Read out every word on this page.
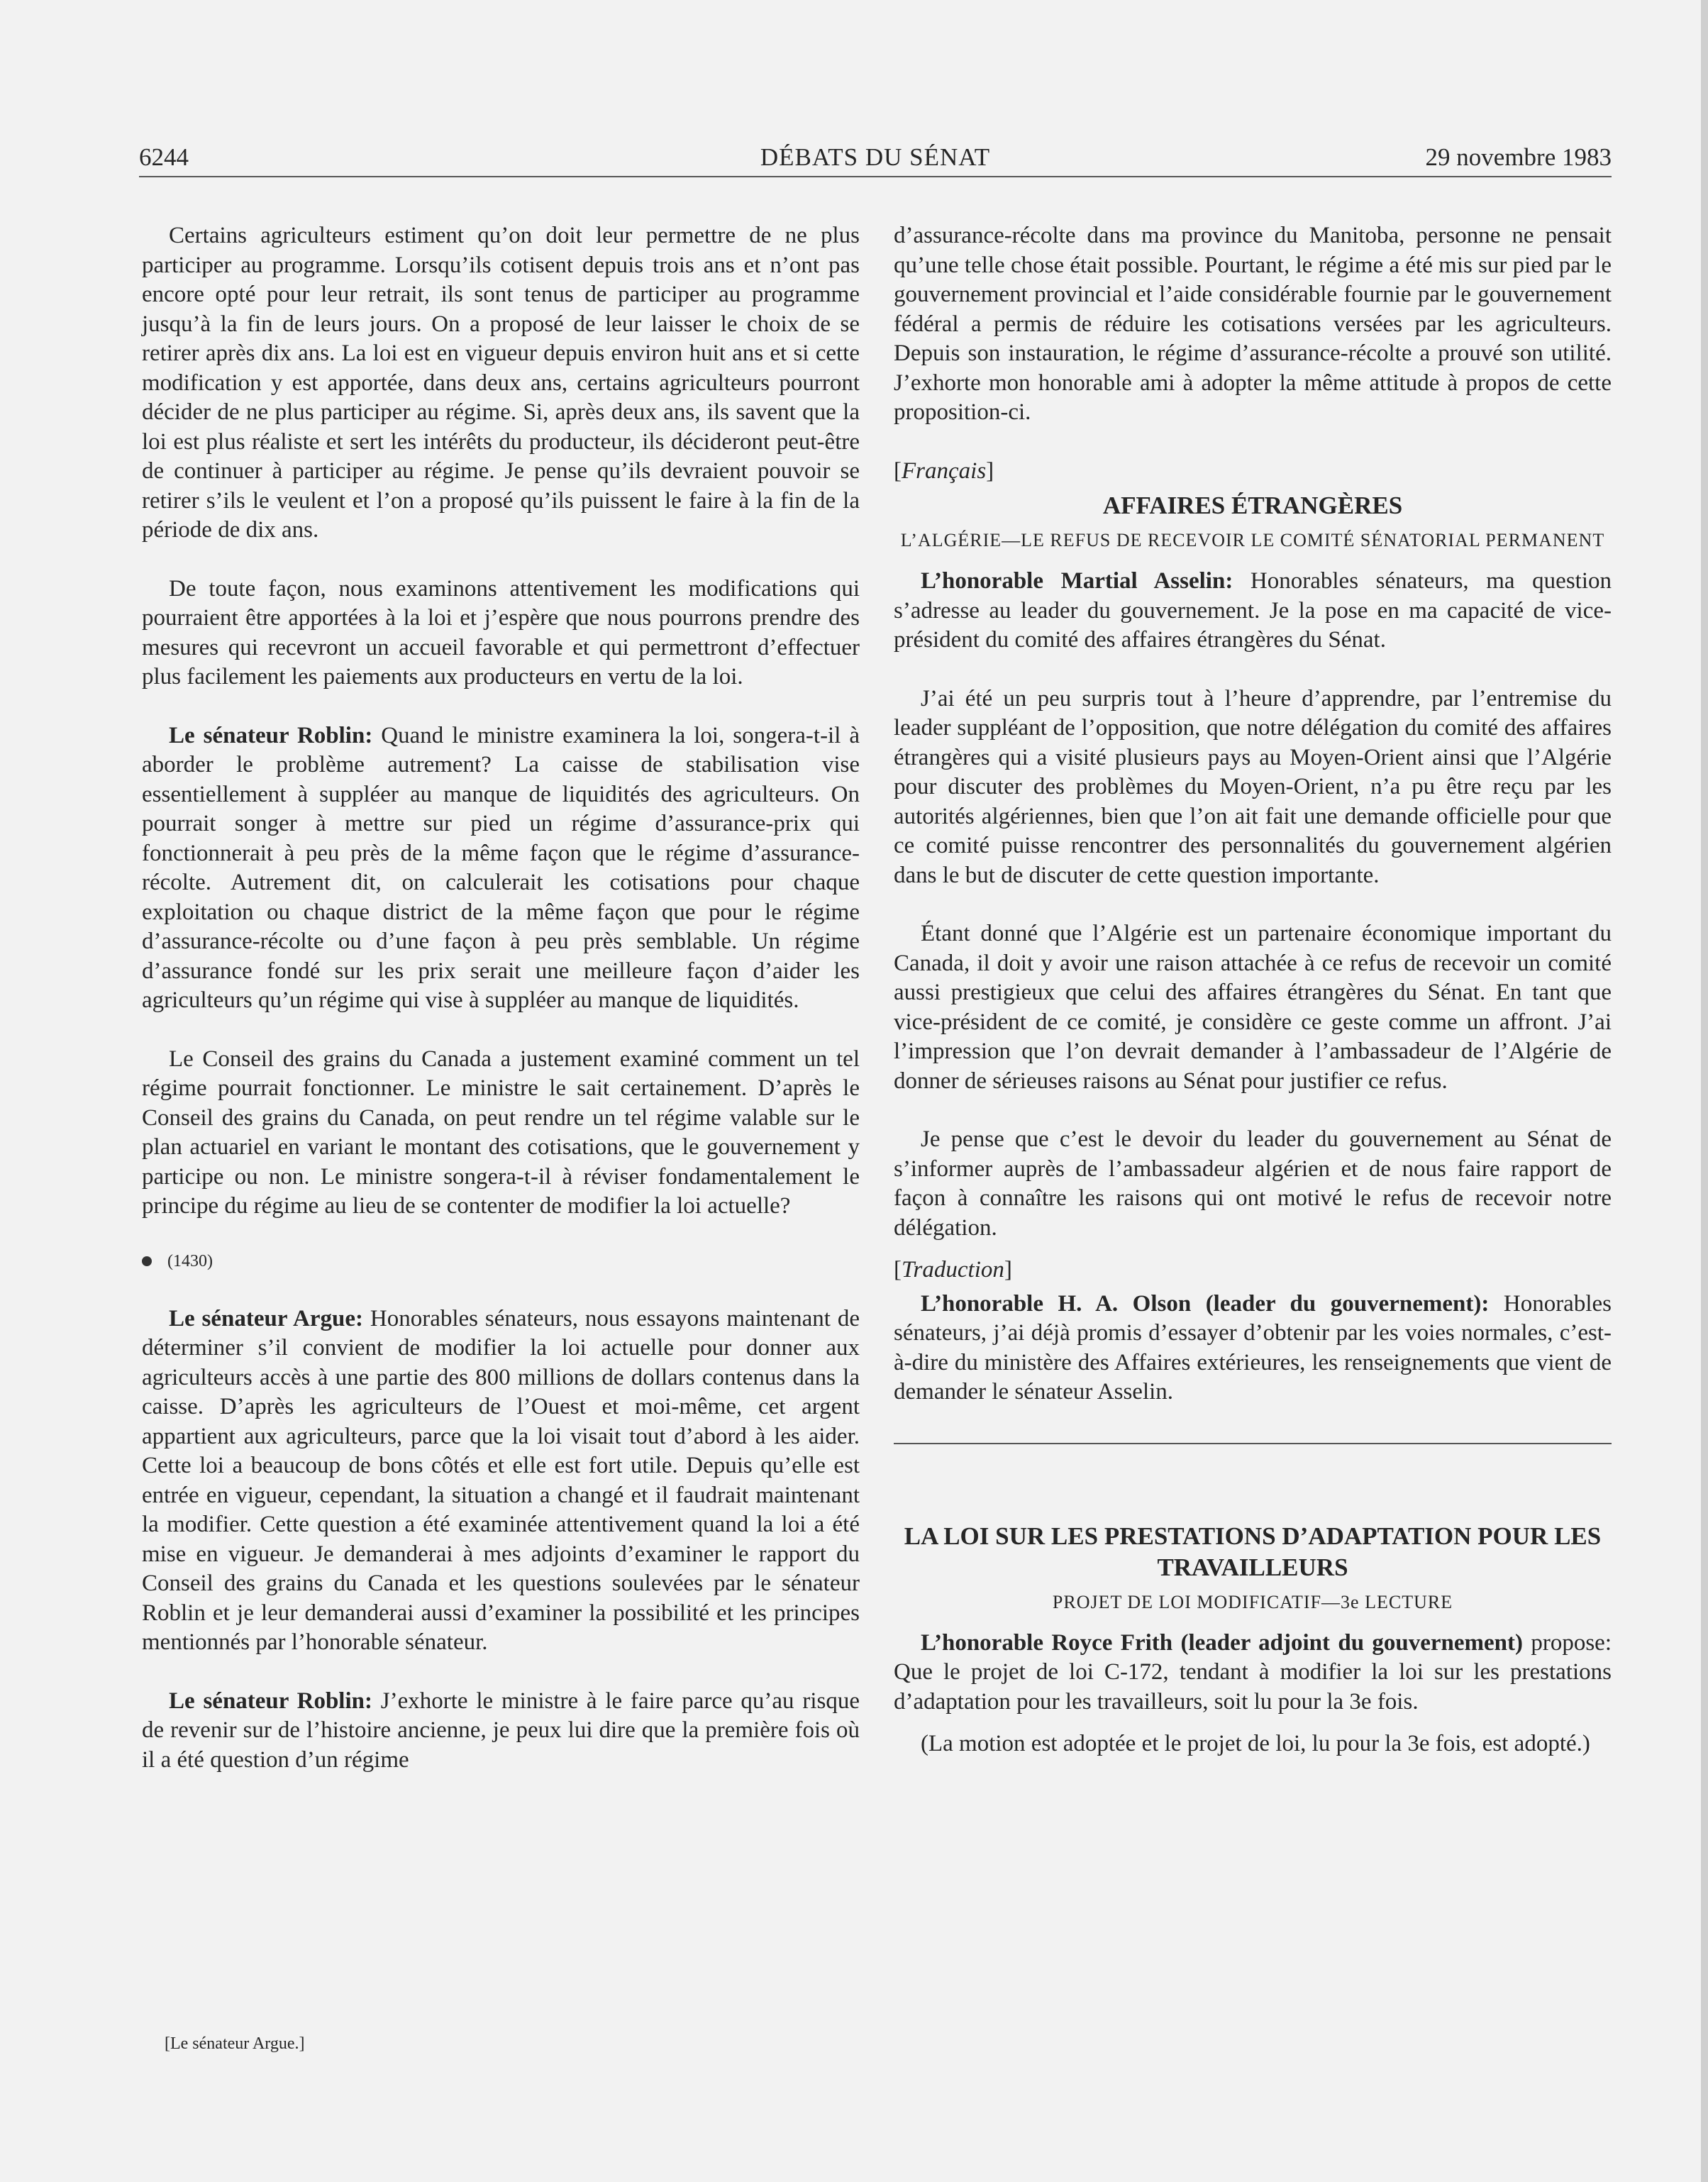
6244	DÉBATS DU SÉNAT	29 novembre 1983

Certains agriculteurs estiment qu’on doit leur permettre de ne plus participer au programme. Lorsqu’ils cotisent depuis trois ans et n’ont pas encore opté pour leur retrait, ils sont tenus de participer au programme jusqu’à la fin de leurs jours. On a proposé de leur laisser le choix de se retirer après dix ans. La loi est en vigueur depuis environ huit ans et si cette modification y est apportée, dans deux ans, certains agriculteurs pourront décider de ne plus participer au régime. Si, après deux ans, ils savent que la loi est plus réaliste et sert les intérêts du producteur, ils décideront peut-être de continuer à participer au régime. Je pense qu’ils devraient pouvoir se retirer s’ils le veulent et l’on a proposé qu’ils puissent le faire à la fin de la période de dix ans.

De toute façon, nous examinons attentivement les modifications qui pourraient être apportées à la loi et j’espère que nous pourrons prendre des mesures qui recevront un accueil favorable et qui permettront d’effectuer plus facilement les paiements aux producteurs en vertu de la loi.

Le sénateur Roblin: Quand le ministre examinera la loi, songera-t-il à aborder le problème autrement? La caisse de stabilisation vise essentiellement à suppléer au manque de liquidités des agriculteurs. On pourrait songer à mettre sur pied un régime d’assurance-prix qui fonctionnerait à peu près de la même façon que le régime d’assurance-récolte. Autrement dit, on calculerait les cotisations pour chaque exploitation ou chaque district de la même façon que pour le régime d’assurance-récolte ou d’une façon à peu près semblable. Un régime d’assurance fondé sur les prix serait une meilleure façon d’aider les agriculteurs qu’un régime qui vise à suppléer au manque de liquidités.

Le Conseil des grains du Canada a justement examiné comment un tel régime pourrait fonctionner. Le ministre le sait certainement. D’après le Conseil des grains du Canada, on peut rendre un tel régime valable sur le plan actuariel en variant le montant des cotisations, que le gouvernement y participe ou non. Le ministre songera-t-il à réviser fondamentalement le principe du régime au lieu de se contenter de modifier la loi actuelle?

(1430)

Le sénateur Argue: Honorables sénateurs, nous essayons maintenant de déterminer s’il convient de modifier la loi actuelle pour donner aux agriculteurs accès à une partie des 800 millions de dollars contenus dans la caisse. D’après les agriculteurs de l’Ouest et moi-même, cet argent appartient aux agriculteurs, parce que la loi visait tout d’abord à les aider. Cette loi a beaucoup de bons côtés et elle est fort utile. Depuis qu’elle est entrée en vigueur, cependant, la situation a changé et il faudrait maintenant la modifier. Cette question a été examinée attentivement quand la loi a été mise en vigueur. Je demanderai à mes adjoints d’examiner le rapport du Conseil des grains du Canada et les questions soulevées par le sénateur Roblin et je leur demanderai aussi d’examiner la possibilité et les principes mentionnés par l’honorable sénateur.

Le sénateur Roblin: J’exhorte le ministre à le faire parce qu’au risque de revenir sur de l’histoire ancienne, je peux lui dire que la première fois où il a été question d’un régime

[Le sénateur Argue.]

d’assurance-récolte dans ma province du Manitoba, personne ne pensait qu’une telle chose était possible. Pourtant, le régime a été mis sur pied par le gouvernement provincial et l’aide considérable fournie par le gouvernement fédéral a permis de réduire les cotisations versées par les agriculteurs. Depuis son instauration, le régime d’assurance-récolte a prouvé son utilité. J’exhorte mon honorable ami à adopter la même attitude à propos de cette proposition-ci.

[Français]
AFFAIRES ÉTRANGÈRES
L’ALGÉRIE—LE REFUS DE RECEVOIR LE COMITÉ SÉNATORIAL PERMANENT

L’honorable Martial Asselin: Honorables sénateurs, ma question s’adresse au leader du gouvernement. Je la pose en ma capacité de vice-président du comité des affaires étrangères du Sénat.

J’ai été un peu surpris tout à l’heure d’apprendre, par l’entremise du leader suppléant de l’opposition, que notre délégation du comité des affaires étrangères qui a visité plusieurs pays au Moyen-Orient ainsi que l’Algérie pour discuter des problèmes du Moyen-Orient, n’a pu être reçu par les autorités algériennes, bien que l’on ait fait une demande officielle pour que ce comité puisse rencontrer des personnalités du gouvernement algérien dans le but de discuter de cette question importante.

Étant donné que l’Algérie est un partenaire économique important du Canada, il doit y avoir une raison attachée à ce refus de recevoir un comité aussi prestigieux que celui des affaires étrangères du Sénat. En tant que vice-président de ce comité, je considère ce geste comme un affront. J’ai l’impression que l’on devrait demander à l’ambassadeur de l’Algérie de donner de sérieuses raisons au Sénat pour justifier ce refus.

Je pense que c’est le devoir du leader du gouvernement au Sénat de s’informer auprès de l’ambassadeur algérien et de nous faire rapport de façon à connaître les raisons qui ont motivé le refus de recevoir notre délégation.

[Traduction]

L’honorable H. A. Olson (leader du gouvernement): Honorables sénateurs, j’ai déjà promis d’essayer d’obtenir par les voies normales, c’est-à-dire du ministère des Affaires extérieures, les renseignements que vient de demander le sénateur Asselin.

LA LOI SUR LES PRESTATIONS D’ADAPTATION POUR LES TRAVAILLEURS
PROJET DE LOI MODIFICATIF—3e LECTURE

L’honorable Royce Frith (leader adjoint du gouvernement) propose: Que le projet de loi C-172, tendant à modifier la loi sur les prestations d’adaptation pour les travailleurs, soit lu pour la 3e fois.

(La motion est adoptée et le projet de loi, lu pour la 3e fois, est adopté.)
